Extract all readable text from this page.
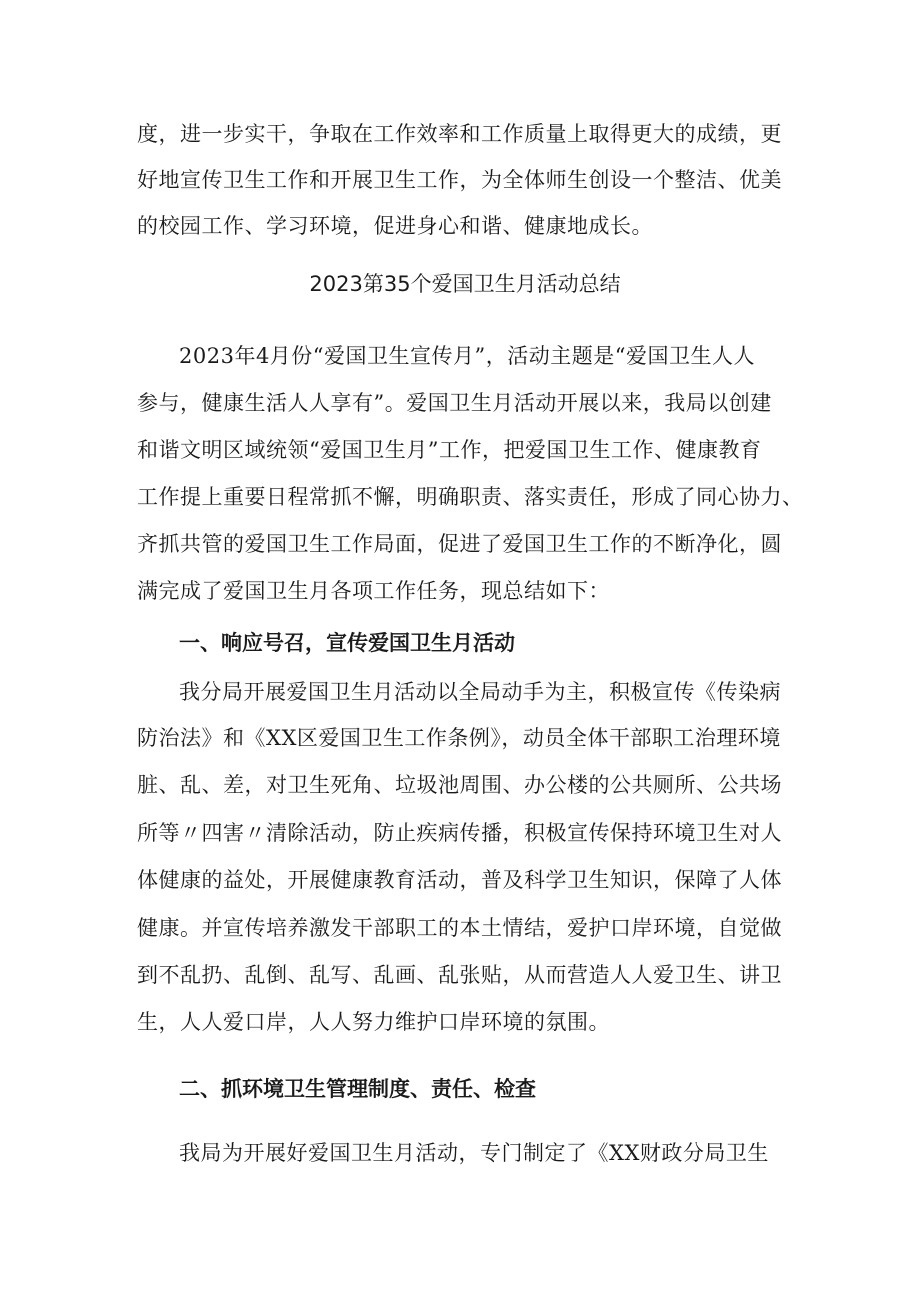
度，进一步实干，争取在工作效率和工作质量上取得更大的成绩，更
好地宣传卫生工作和开展卫生工作，为全体师生创设一个整洁、优美
的校园工作、学习环境，促进身心和谐、健康地成长。
2023第35个爱国卫生月活动总结
2023年4月份“爱国卫生宣传月”，活动主题是“爱国卫生人人
参与，健康生活人人享有”。爱国卫生月活动开展以来，我局以创建
和谐文明区域统领“爱国卫生月”工作，把爱国卫生工作、健康教育
工作提上重要日程常抓不懈，明确职责、落实责任，形成了同心协力、
齐抓共管的爱国卫生工作局面，促进了爱国卫生工作的不断净化，圆
满完成了爱国卫生月各项工作任务，现总结如下：
一、响应号召，宣传爱国卫生月活动
我分局开展爱国卫生月活动以全局动手为主，积极宣传《传染病
防治法》和《XX区爱国卫生工作条例》，动员全体干部职工治理环境
脏、乱、差，对卫生死角、垃圾池周围、办公楼的公共厕所、公共场
所等〃四害〃清除活动，防止疾病传播，积极宣传保持环境卫生对人
体健康的益处，开展健康教育活动，普及科学卫生知识，保障了人体
健康。并宣传培养激发干部职工的本土情结，爱护口岸环境，自觉做
到不乱扔、乱倒、乱写、乱画、乱张贴，从而营造人人爱卫生、讲卫
生，人人爱口岸，人人努力维护口岸环境的氛围。
二、抓环境卫生管理制度、责任、检查
我局为开展好爱国卫生月活动，专门制定了《XX财政分局卫生
